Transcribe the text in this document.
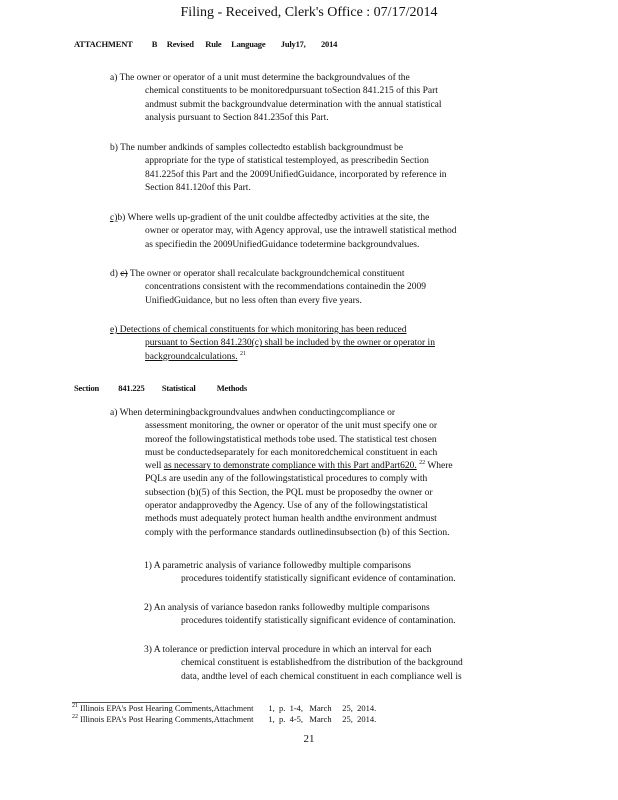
Filing - Received, Clerk's Office : 07/17/2014
ATTACHMENT          B     Revised      Rule     Language        July17,        2014
a) The owner or operator of a unit must determine the backgroundvalues of the
chemical constituents to be monitoredpursuant toSection 841.215 of this Part
andmust submit the backgroundvalue determination with the annual statistical
analysis pursuant to Section 841.235of this Part.
b) The number andkinds of samples collectedto establish backgroundmust be
appropriate for the type of statistical testemployed, as prescribedin Section
841.225of this Part and the 2009UnifiedGuidance, incorporated by reference in
Section 841.120of this Part.
c)b) Where wells up-gradient of the unit couldbe affectedby activities at the site, the
owner or operator may, with Agency approval, use the intrawell statistical method
as specifiedin the 2009UnifiedGuidance todetermine backgroundvalues.
d) c) The owner or operator shall recalculate backgroundchemical constituent
concentrations consistent with the recommendations containedin the 2009
UnifiedGuidance, but no less often than every five years.
e) Detections of chemical constituents for which monitoring has been reduced
pursuant to Section 841.230(c) shall be included by the owner or operator in
backgroundcalculations. $^{21}$
Section          841.225         Statistical           Methods
a) When determiningbackgroundvalues andwhen conductingcompliance or
assessment monitoring, the owner or operator of the unit must specify one or
moreof the followingstatistical methods tobe used. The statistical test chosen
must be conductedseparately for each monitoredchemical constituent in each
well as necessary to demonstrate compliance with this Part andPart620. $^{22}$ Where
PQLs are usedin any of the followingstatistical procedures to comply with
subsection (b)(5) of this Section, the PQL must be proposedby the owner or
operator andapprovedby the Agency. Use of any of the followingstatistical
methods must adequately protect human health andthe environment andmust
comply with the performance standards outlinedinsubsection (b) of this Section.
1) A parametric analysis of variance followedby multiple comparisons
procedures toidentify statistically significant evidence of contamination.
2) An analysis of variance basedon ranks followedby multiple comparisons
procedures toidentify statistically significant evidence of contamination.
3) A tolerance or prediction interval procedure in which an interval for each
chemical constituent is establishedfrom the distribution of the background
data, andthe level of each chemical constituent in each compliance well is
$^{21}$ Illinois EPA's Post Hearing Comments,Attachment       1,  p.  1-4,   March     25,  2014.
$^{22}$ Illinois EPA's Post Hearing Comments,Attachment       1,  p.  4-5,   March     25,  2014.
21
